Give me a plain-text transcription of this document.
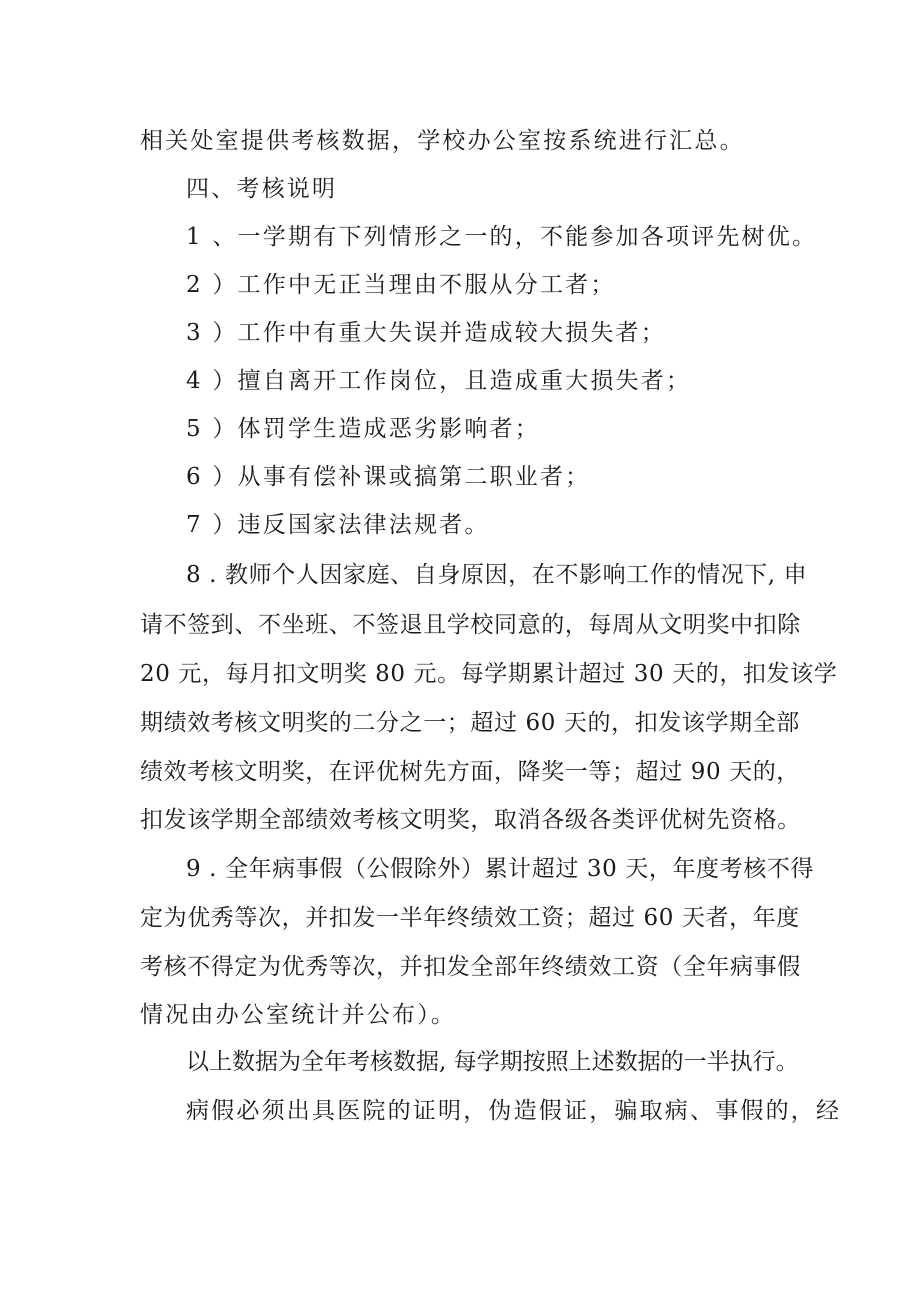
相关处室提供考核数据，学校办公室按系统进行汇总。
四、考核说明
1 、一学期有下列情形之一的，不能参加各项评先树优。
2 ）工作中无正当理由不服从分工者；
3 ）工作中有重大失误并造成较大损失者；
4 ）擅自离开工作岗位，且造成重大损失者；
5 ）体罚学生造成恶劣影响者；
6 ）从事有偿补课或搞第二职业者；
7 ）违反国家法律法规者。
8 . 教师个人因家庭、自身原因，在不影响工作的情况下, 申
请不签到、不坐班、不签退且学校同意的，每周从文明奖中扣除
20 元，每月扣文明奖 80 元。每学期累计超过 30 天的，扣发该学
期绩效考核文明奖的二分之一；超过 60 天的，扣发该学期全部
绩效考核文明奖，在评优树先方面，降奖一等；超过 90 天的，
扣发该学期全部绩效考核文明奖，取消各级各类评优树先资格。
9 . 全年病事假（公假除外）累计超过 30 天，年度考核不得
定为优秀等次，并扣发一半年终绩效工资；超过 60 天者，年度
考核不得定为优秀等次，并扣发全部年终绩效工资（全年病事假
情况由办公室统计并公布）。
以上数据为全年考核数据, 每学期按照上述数据的一半执行。
病假必须出具医院的证明，伪造假证，骗取病、事假的，经
